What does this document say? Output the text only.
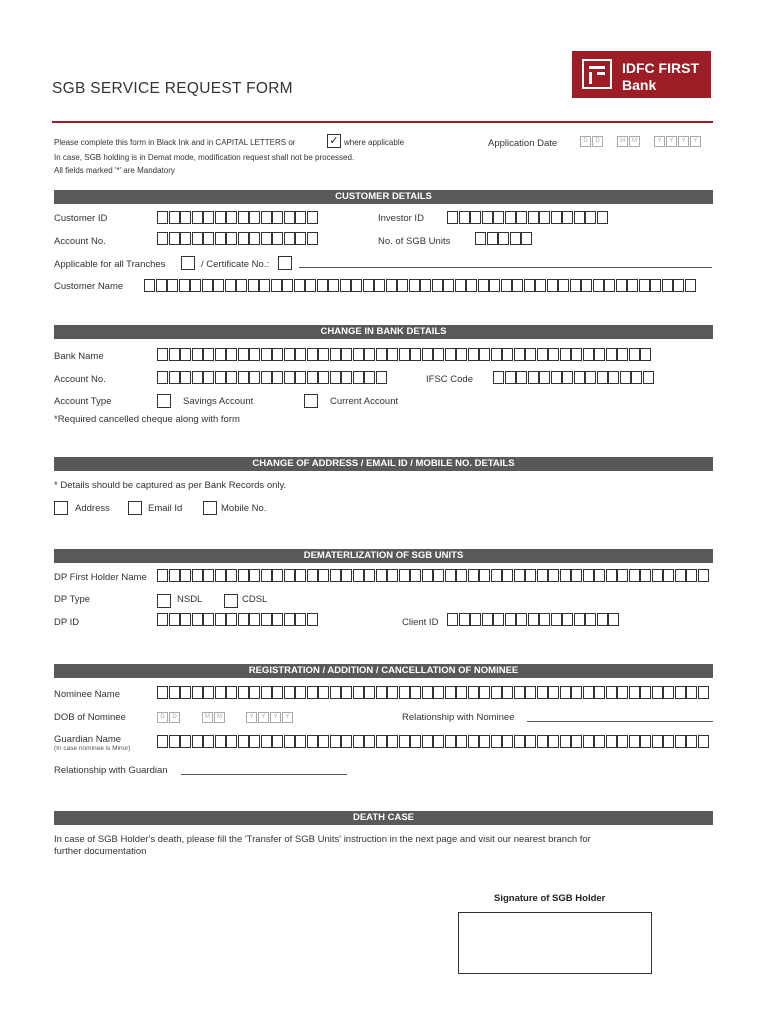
SGB SERVICE REQUEST FORM
IDFC FIRST
Bank
Please complete this form in Black Ink and in CAPITAL LETTERS or	✓ where applicable
In case, SGB holding is in Demat mode, modification request shall not be processed.
All fields marked '*' are Mandatory
Application Date	D	D	M	M	Y	Y	Y	Y
CUSTOMER DETAILS
Customer ID	Investor ID
Account No.	No. of SGB Units
Applicable for all Tranches	/ Certificate No.:
Customer Name
CHANGE IN BANK DETAILS
Bank Name
Account No.	IFSC Code
Account Type	Savings Account	Current Account
*Required cancelled cheque along with form
CHANGE OF ADDRESS / EMAIL ID / MOBILE NO. DETAILS
* Details should be captured as per Bank Records only.
Address	Email Id	Mobile No.
DEMATERLIZATION OF SGB UNITS
DP First Holder Name
DP Type	NSDL	CDSL
DP ID	Client ID
REGISTRATION / ADDITION / CANCELLATION OF NOMINEE
Nominee Name
DOB of Nominee	D	D	M	M	Y	Y	Y	Y	Relationship with Nominee
Guardian Name
(In case nominee is Minor)
Relationship with Guardian
DEATH CASE
In case of SGB Holder's death, please fill the 'Transfer of SGB Units' instruction in the next page and visit our nearest branch for
further documentation
Signature of SGB Holder
